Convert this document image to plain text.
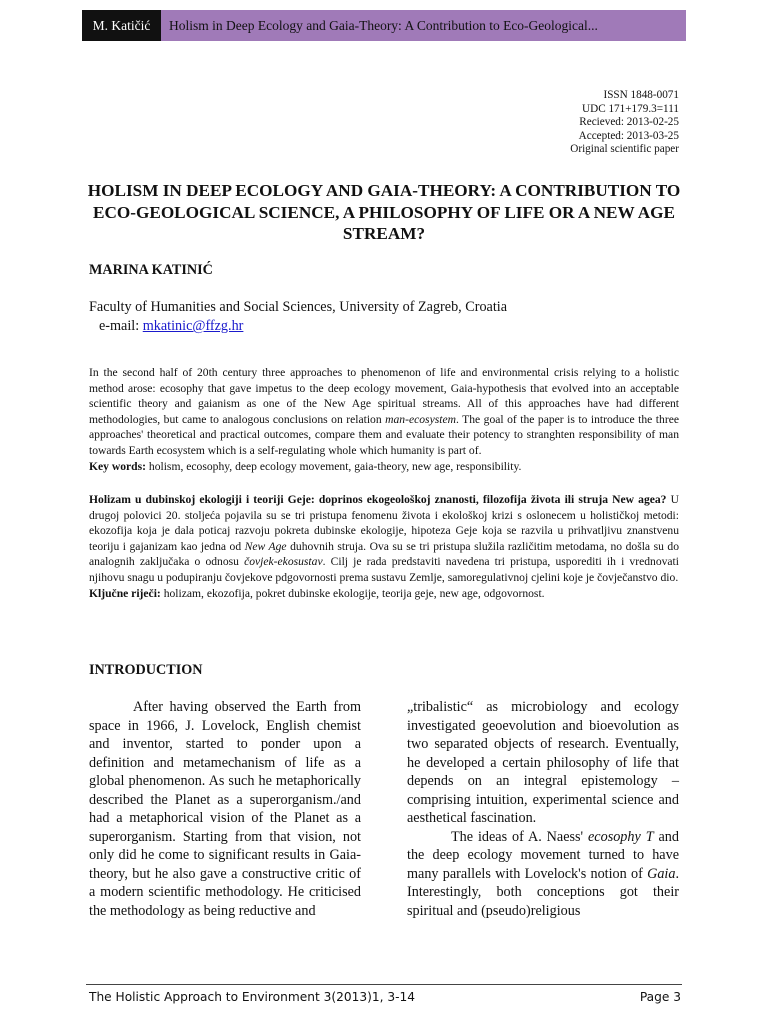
M. Katičić	Holism in Deep Ecology and Gaia-Theory: A Contribution to Eco-Geological...
ISSN 1848-0071
UDC 171+179.3=111
Recieved: 2013-02-25
Accepted: 2013-03-25
Original scientific paper
HOLISM IN DEEP ECOLOGY AND GAIA-THEORY: A CONTRIBUTION TO ECO-GEOLOGICAL SCIENCE, A PHILOSOPHY OF LIFE OR A NEW AGE STREAM?
MARINA KATINIĆ
Faculty of Humanities and Social Sciences, University of Zagreb, Croatia
e-mail: mkatinic@ffzg.hr

In the second half of 20th century three approaches to phenomenon of life and environmental crisis relying to a holistic method arose: ecosophy that gave impetus to the deep ecology movement, Gaia-hypothesis that evolved into an acceptable scientific theory and gaianism as one of the New Age spiritual streams. All of this approaches have had different methodologies, but came to analogous conclusions on relation man-ecosystem. The goal of the paper is to introduce the three approaches' theoretical and practical outcomes, compare them and evaluate their potency to stranghten responsibility of man towards Earth ecosystem which is a self-regulating whole which humanity is part of.

Key words: holism, ecosophy, deep ecology movement, gaia-theory, new age, responsibility.

Holizam u dubinskoj ekologiji i teoriji Geje: doprinos ekogeološkoj znanosti, filozofija života ili struja New agea? U drugoj polovici 20. stoljeća pojavila su se tri pristupa fenomenu života i ekološkoj krizi s oslonecem u holističkoj metodi: ekozofija koja je dala poticaj razvoju pokreta dubinske ekologije, hipoteza Geje koja se razvila u prihvatljivu znanstvenu teoriju i gajanizam kao jedna od New Age duhovnih struja. Ova su se tri pristupa služila različitim metodama, no došla su do analognih zaključaka o odnosu čovjek-ekosustav. Cilj je rada predstaviti navedena tri pristupa, usporediti ih i vrednovati njihovu snagu u podupiranju čovjekove pdgovornosti prema sustavu Zemlje, samoregulativnoj cjelini koje je čovječanstvo dio.

Ključne riječi: holizam, ekozofija, pokret dubinske ekologije, teorija geje, new age, odgovornost.

INTRODUCTION

After having observed the Earth from space in 1966, J. Lovelock, English chemist and inventor, started to ponder upon a definition and metamechanism of life as a global phenomenon. As such he metaphorically described the Planet as a superorganism./and had a metaphorical vision of the Planet as a superorganism. Starting from that vision, not only did he come to significant results in Gaia-theory, but he also gave a constructive critic of a modern scientific methodology. He criticised the methodology as being reductive and

„tribalistic“ as microbiology and ecology investigated geoevolution and bioevolution as two separated objects of research. Eventually, he developed a certain philosophy of life that depends on an integral epistemology – comprising intuition, experimental science and aesthetical fascination.

The ideas of A. Naess' ecosophy T and the deep ecology movement turned to have many parallels with Lovelock's notion of Gaia. Interestingly, both conceptions got their spiritual and (pseudo)religious

The Holistic Approach to Environment 3(2013)1, 3-14	Page 3
